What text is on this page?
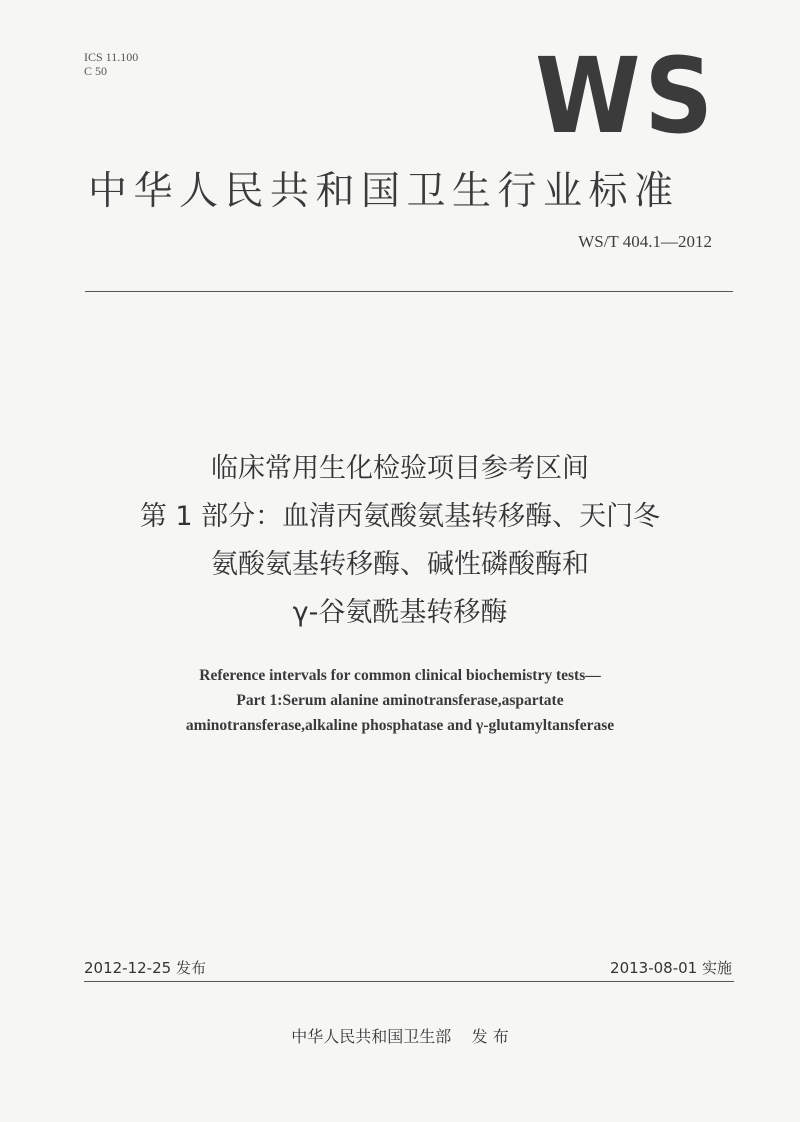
ICS 11.100
C 50	WS
中华人民共和国卫生行业标准
WS/T 404.1—2012
临床常用生化检验项目参考区间
第 1 部分：血清丙氨酸氨基转移酶、天门冬
氨酸氨基转移酶、碱性磷酸酶和
γ-谷氨酰基转移酶
Reference intervals for common clinical biochemistry tests—
Part 1:Serum alanine aminotransferase,aspartate
aminotransferase,alkaline phosphatase and γ-glutamyltansferase
2012-12-25 发布	2013-08-01 实施
中华人民共和国卫生部    发 布
